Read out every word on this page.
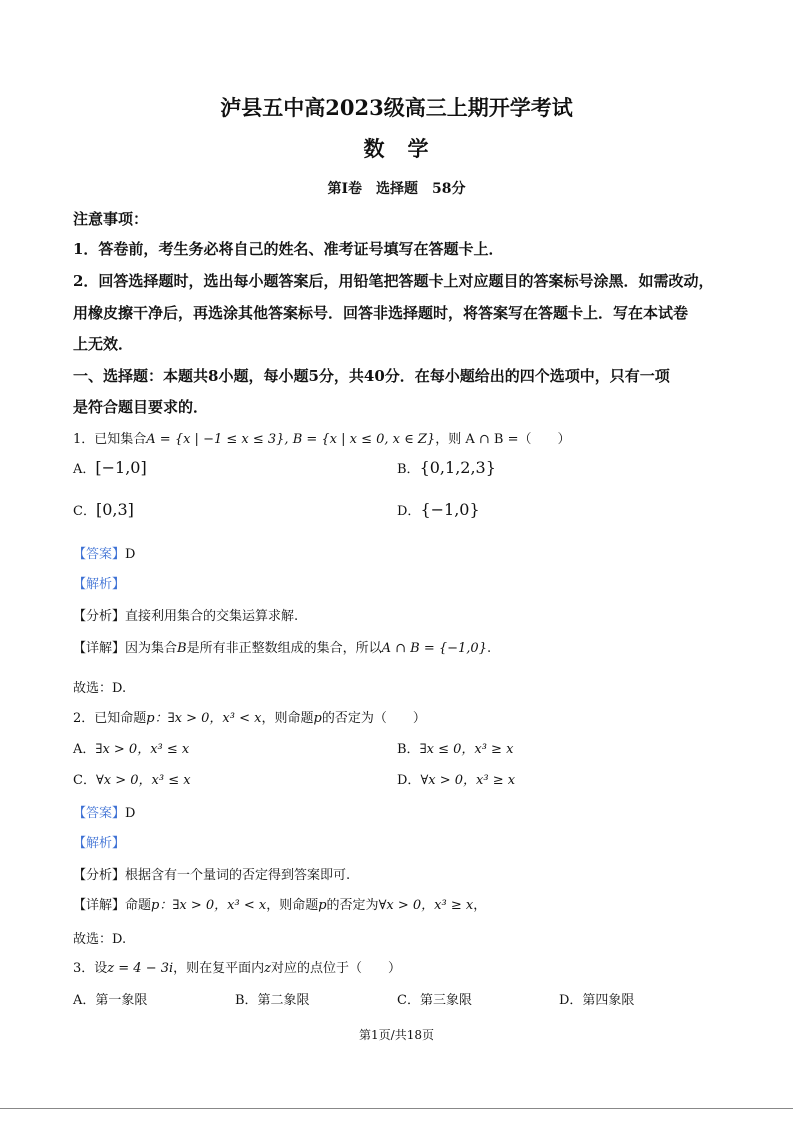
泸县五中高2023级高三上期开学考试
数　学
第I卷　选择题　58分
注意事项：
1．答卷前，考生务必将自己的姓名、准考证号填写在答题卡上．
2．回答选择题时，选出每小题答案后，用铅笔把答题卡上对应题目的答案标号涂黑．如需改动，
用橡皮擦干净后，再选涂其他答案标号．回答非选择题时，将答案写在答题卡上．写在本试卷
上无效．
一、选择题：本题共8小题，每小题5分，共40分．在每小题给出的四个选项中，只有一项
是符合题目要求的．
1．已知集合A = {x | −1 ≤ x ≤ 3}, B = {x | x ≤ 0, x ∈ Z}，则 A ∩ B =（　　）
A．[−1,0]	B．{0,1,2,3}
C．[0,3]	D．{−1,0}
【答案】D
【解析】
【分析】直接利用集合的交集运算求解.
【详解】因为集合B是所有非正整数组成的集合，所以A ∩ B = {−1,0}.
故选：D.
2．已知命题p：∃x > 0，x³ < x，则命题p的否定为（　　）
A．∃x > 0，x³ ≤ x	B．∃x ≤ 0，x³ ≥ x
C．∀x > 0，x³ ≤ x	D．∀x > 0，x³ ≥ x
【答案】D
【解析】
【分析】根据含有一个量词的否定得到答案即可.
【详解】命题p：∃x > 0，x³ < x，则命题p的否定为∀x > 0，x³ ≥ x，
故选：D.
3．设z = 4 − 3i，则在复平面内z对应的点位于（　　）
A．第一象限	B．第二象限	C．第三象限	D．第四象限
第1页/共18页
